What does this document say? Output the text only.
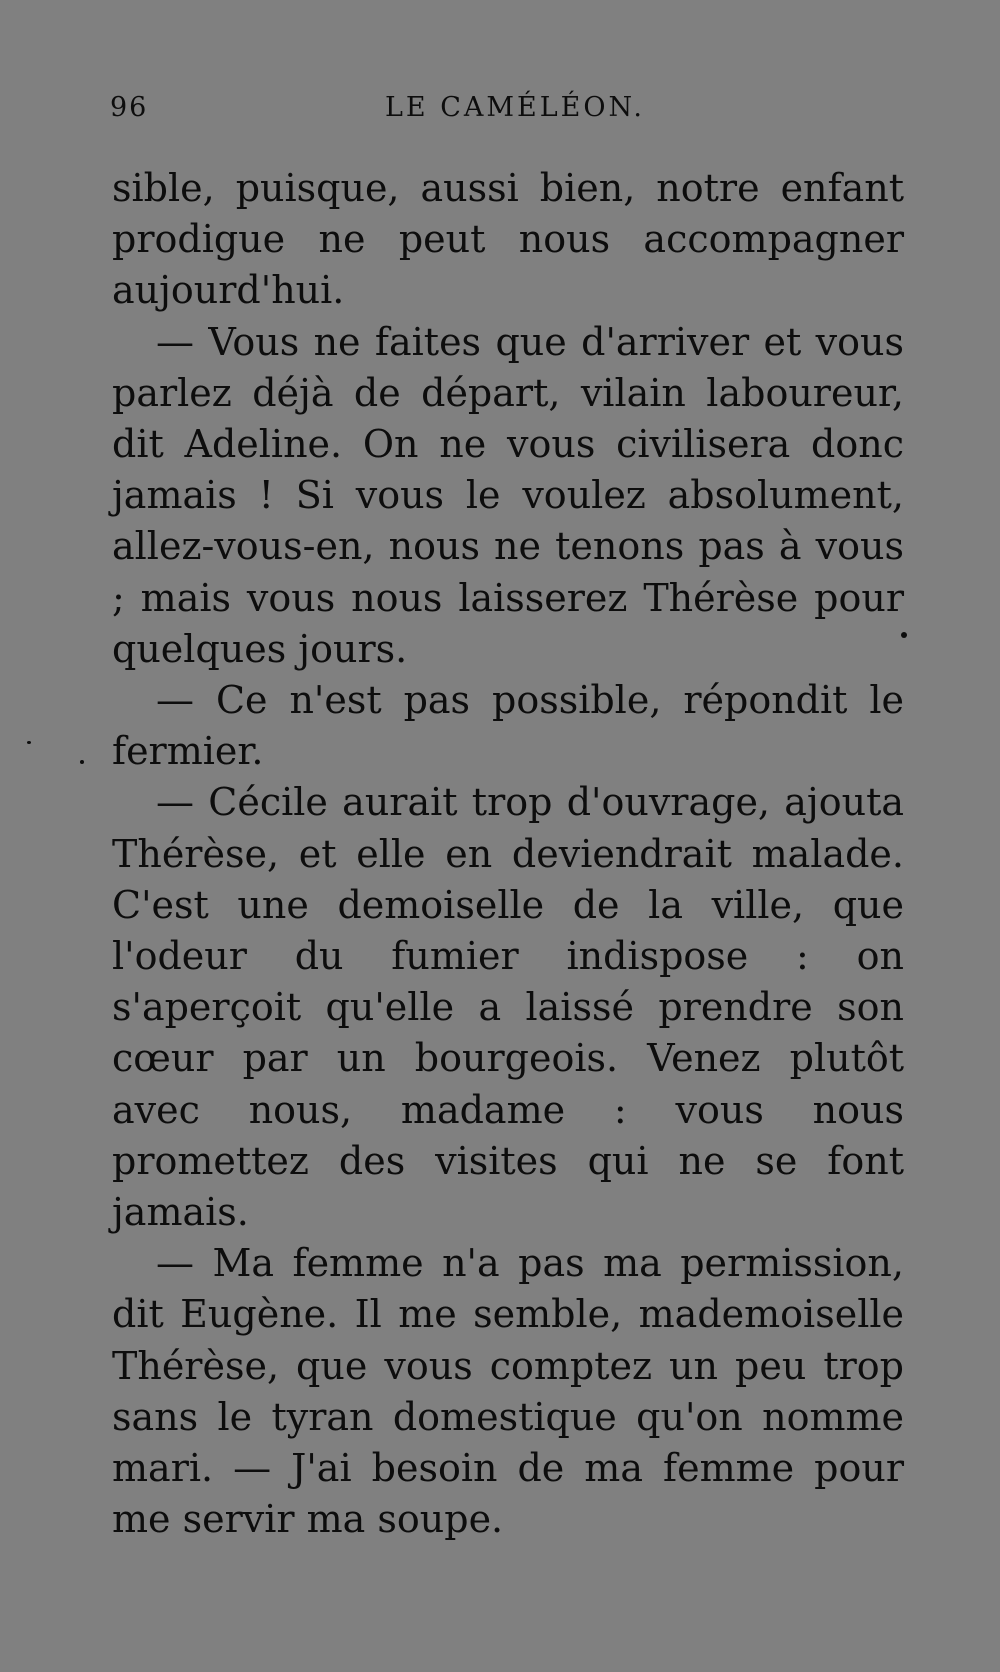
96	LE CAMÉLÉON.

sible, puisque, aussi bien, notre enfant prodigue ne peut nous accompagner aujourd'hui.

— Vous ne faites que d'arriver et vous parlez déjà de départ, vilain laboureur, dit Adeline. On ne vous civilisera donc jamais ! Si vous le voulez absolument, allez-vous-en, nous ne tenons pas à vous ; mais vous nous laisserez Thérèse pour quelques jours.

— Ce n'est pas possible, répondit le fermier.

— Cécile aurait trop d'ouvrage, ajouta Thérèse, et elle en deviendrait malade. C'est une demoiselle de la ville, que l'odeur du fumier indispose : on s'aperçoit qu'elle a laissé prendre son cœur par un bourgeois. Venez plutôt avec nous, madame : vous nous promettez des visites qui ne se font jamais.

— Ma femme n'a pas ma permission, dit Eugène. Il me semble, mademoiselle Thérèse, que vous comptez un peu trop sans le tyran domestique qu'on nomme mari. — J'ai besoin de ma femme pour me servir ma soupe.
